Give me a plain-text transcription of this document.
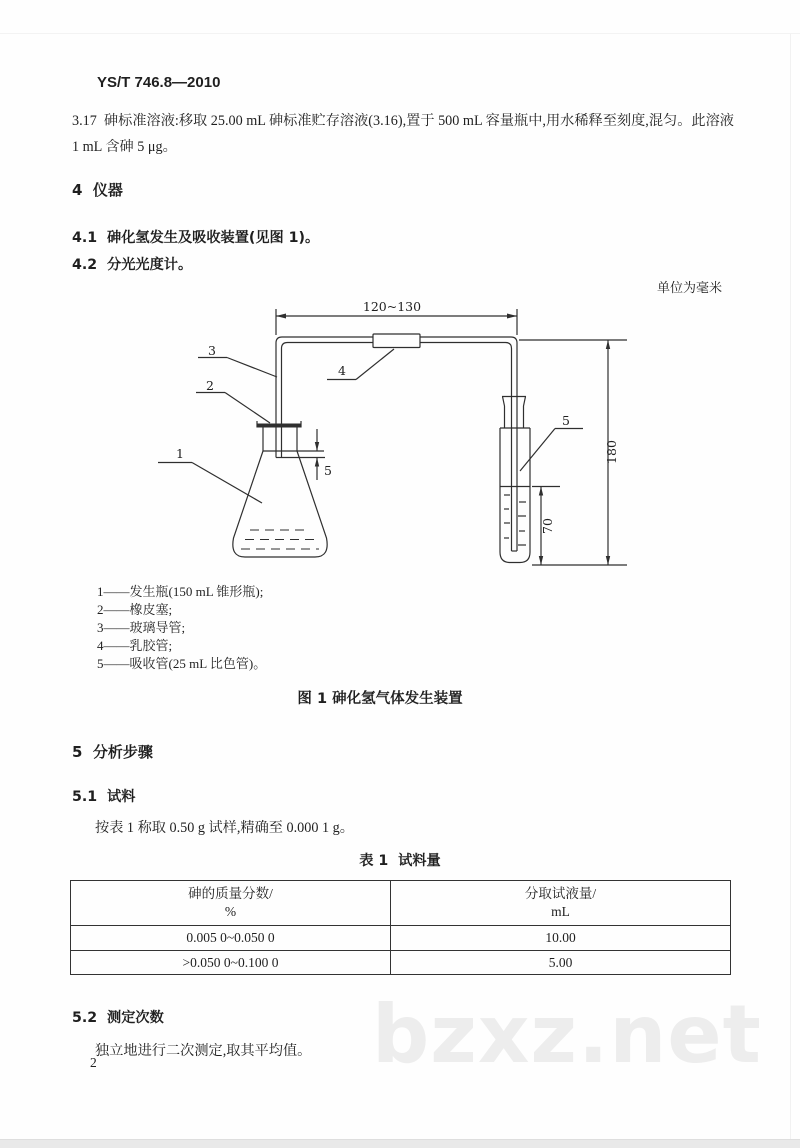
bzxz.net
YS/T 746.8—2010
3.17  砷标准溶液:移取 25.00 mL 砷标准贮存溶液(3.16),置于 500 mL 容量瓶中,用水稀释至刻度,混匀。此溶液 1 mL 含砷 5 μg。
4  仪器
4.1  砷化氢发生及吸收装置(见图 1)。
4.2  分光光度计。
单位为毫米
120~130
5
3
2
1
4
5
70
180
1——发生瓶(150 mL 锥形瓶);
2——橡皮塞;
3——玻璃导管;
4——乳胶管;
5——吸收管(25 mL 比色管)。
图 1 砷化氢气体发生装置
5  分析步骤
5.1  试料
按表 1 称取 0.50 g 试样,精确至 0.000 1 g。
表 1  试料量
砷的质量分数/
%
分取试液量/
mL
0.005 0~0.050 0	10.00
>0.050 0~0.100 0	5.00
5.2  测定次数
独立地进行二次测定,取其平均值。
2
